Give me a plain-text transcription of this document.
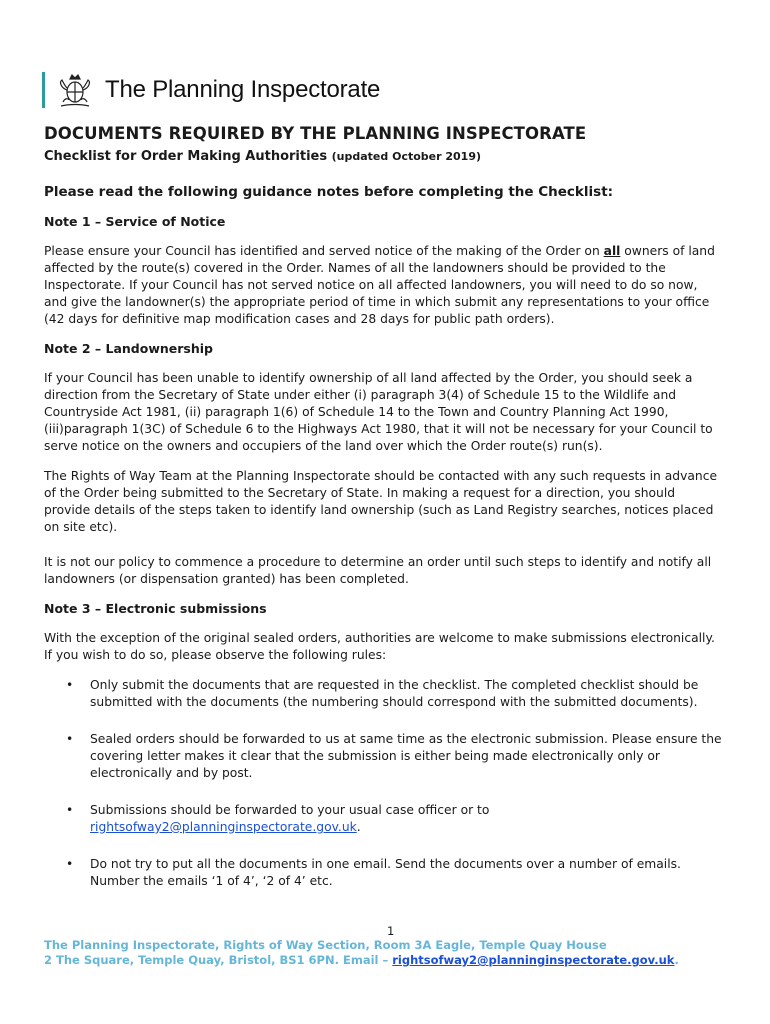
The Planning Inspectorate
DOCUMENTS REQUIRED BY THE PLANNING INSPECTORATE
Checklist for Order Making Authorities (updated October 2019)
Please read the following guidance notes before completing the Checklist:
Note 1 – Service of Notice

Please ensure your Council has identified and served notice of the making of the Order on all owners of land affected by the route(s) covered in the Order. Names of all the landowners should be provided to the Inspectorate. If your Council has not served notice on all affected landowners, you will need to do so now, and give the landowner(s) the appropriate period of time in which submit any representations to your office (42 days for definitive map modification cases and 28 days for public path orders).

Note 2 – Landownership

If your Council has been unable to identify ownership of all land affected by the Order, you should seek a direction from the Secretary of State under either (i) paragraph 3(4) of Schedule 15 to the Wildlife and Countryside Act 1981, (ii) paragraph 1(6) of Schedule 14 to the Town and Country Planning Act 1990, (iii)paragraph 1(3C) of Schedule 6 to the Highways Act 1980, that it will not be necessary for your Council to serve notice on the owners and occupiers of the land over which the Order route(s) run(s).

The Rights of Way Team at the Planning Inspectorate should be contacted with any such requests in advance of the Order being submitted to the Secretary of State. In making a request for a direction, you should provide details of the steps taken to identify land ownership (such as Land Registry searches, notices placed on site etc).

It is not our policy to commence a procedure to determine an order until such steps to identify and notify all landowners (or dispensation granted) has been completed.

Note 3 – Electronic submissions

With the exception of the original sealed orders, authorities are welcome to make submissions electronically. If you wish to do so, please observe the following rules:

• Only submit the documents that are requested in the checklist. The completed checklist should be submitted with the documents (the numbering should correspond with the submitted documents).
• Sealed orders should be forwarded to us at same time as the electronic submission. Please ensure the covering letter makes it clear that the submission is either being made electronically only or electronically and by post.
• Submissions should be forwarded to your usual case officer or to rightsofway2@planninginspectorate.gov.uk.
• Do not try to put all the documents in one email. Send the documents over a number of emails. Number the emails ‘1 of 4’, ‘2 of 4’ etc.
1
The Planning Inspectorate, Rights of Way Section, Room 3A Eagle, Temple Quay House
2 The Square, Temple Quay, Bristol, BS1 6PN. Email – rightsofway2@planninginspectorate.gov.uk.
